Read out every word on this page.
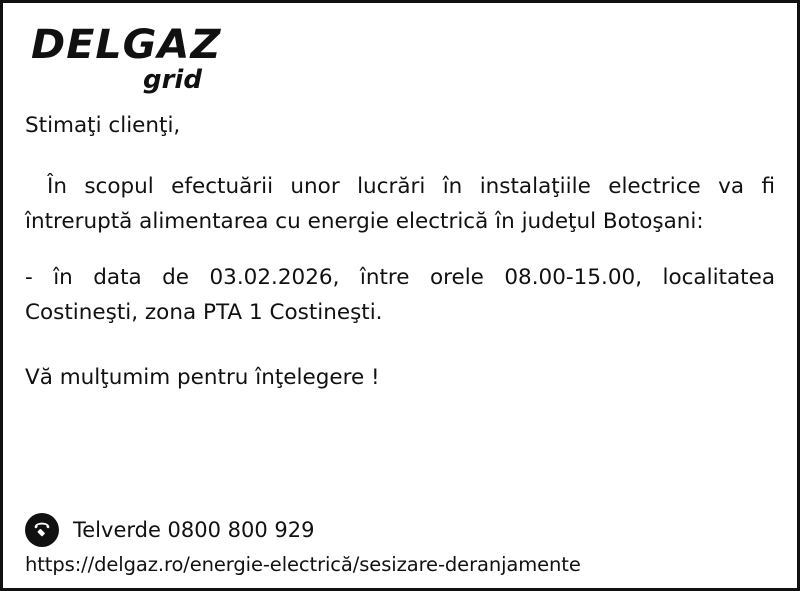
DELGAZ
grid

Stimaţi clienţi,

În scopul efectuării unor lucrări în instalaţiile electrice va fi întreruptă alimentarea cu energie electrică în judeţul Botoşani:

- în data de 03.02.2026, între orele 08.00-15.00, localitatea Costineşti, zona PTA 1 Costineşti.

Vă mulţumim pentru înţelegere !

Telverde 0800 800 929
https://delgaz.ro/energie-electrică/sesizare-deranjamente
